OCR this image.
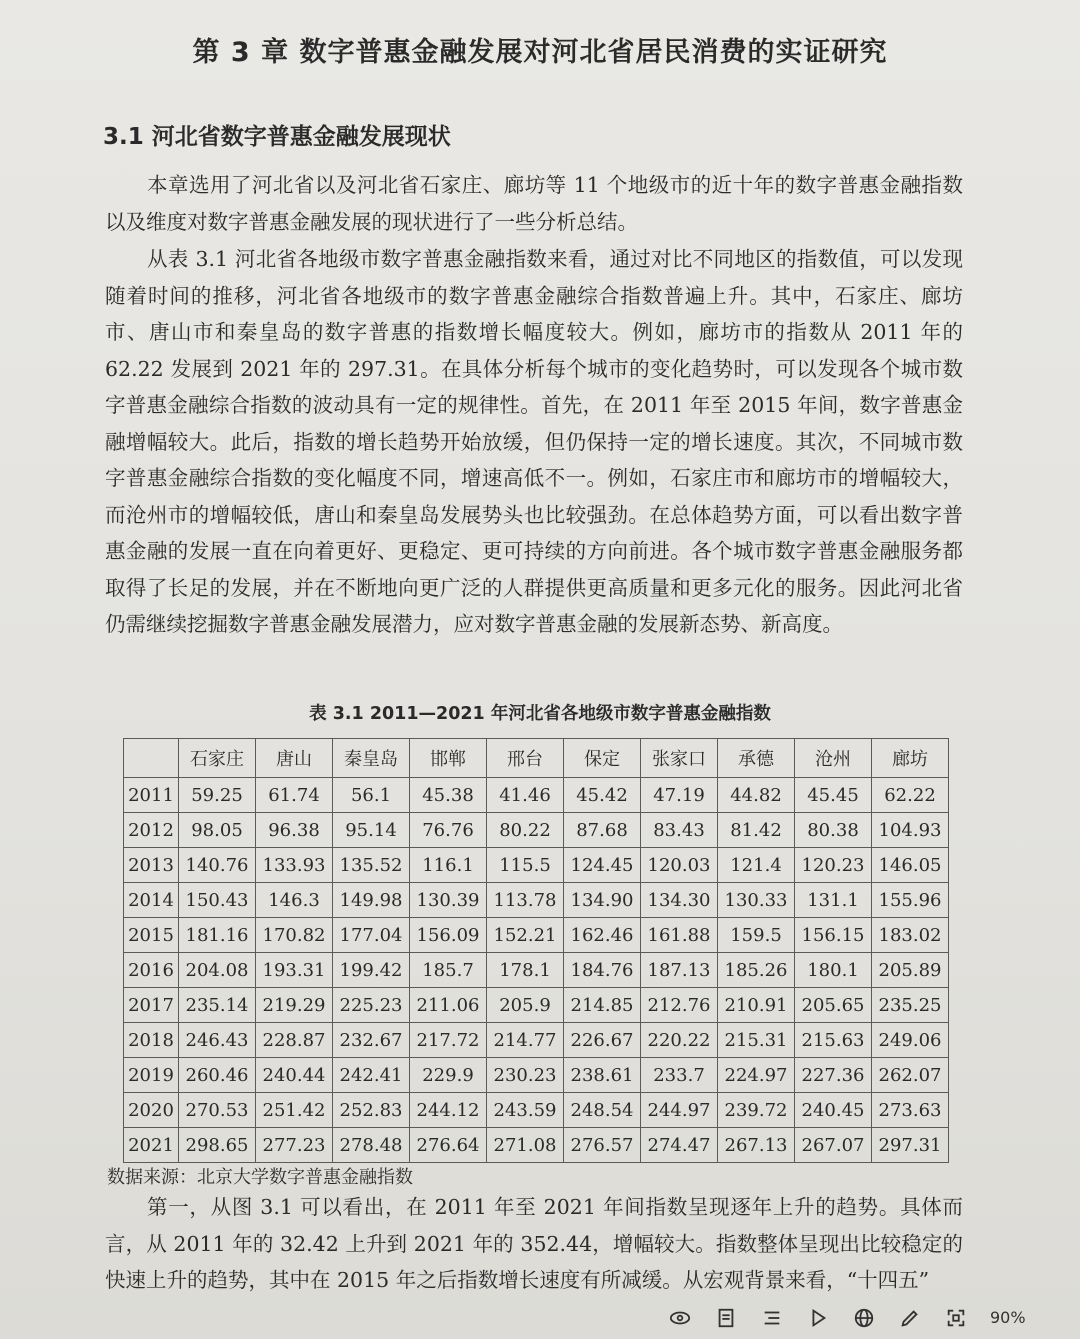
第 3 章 数字普惠金融发展对河北省居民消费的实证研究
3.1 河北省数字普惠金融发展现状

本章选用了河北省以及河北省石家庄、廊坊等 11 个地级市的近十年的数字普惠金融指数以及维度对数字普惠金融发展的现状进行了一些分析总结。

从表 3.1 河北省各地级市数字普惠金融指数来看，通过对比不同地区的指数值，可以发现随着时间的推移，河北省各地级市的数字普惠金融综合指数普遍上升。其中，石家庄、廊坊市、唐山市和秦皇岛的数字普惠的指数增长幅度较大。例如，廊坊市的指数从 2011 年的 62.22 发展到 2021 年的 297.31。在具体分析每个城市的变化趋势时，可以发现各个城市数字普惠金融综合指数的波动具有一定的规律性。首先，在 2011 年至 2015 年间，数字普惠金融增幅较大。此后，指数的增长趋势开始放缓，但仍保持一定的增长速度。其次，不同城市数字普惠金融综合指数的变化幅度不同，增速高低不一。例如，石家庄市和廊坊市的增幅较大，而沧州市的增幅较低，唐山和秦皇岛发展势头也比较强劲。在总体趋势方面，可以看出数字普惠金融的发展一直在向着更好、更稳定、更可持续的方向前进。各个城市数字普惠金融服务都取得了长足的发展，并在不断地向更广泛的人群提供更高质量和更多元化的服务。因此河北省仍需继续挖掘数字普惠金融发展潜力，应对数字普惠金融的发展新态势、新高度。

表 3.1 2011—2021 年河北省各地级市数字普惠金融指数
	石家庄	唐山	秦皇岛	邯郸	邢台	保定	张家口	承德	沧州	廊坊
2011	59.25	61.74	56.1	45.38	41.46	45.42	47.19	44.82	45.45	62.22
2012	98.05	96.38	95.14	76.76	80.22	87.68	83.43	81.42	80.38	104.93
2013	140.76	133.93	135.52	116.1	115.5	124.45	120.03	121.4	120.23	146.05
2014	150.43	146.3	149.98	130.39	113.78	134.90	134.30	130.33	131.1	155.96
2015	181.16	170.82	177.04	156.09	152.21	162.46	161.88	159.5	156.15	183.02
2016	204.08	193.31	199.42	185.7	178.1	184.76	187.13	185.26	180.1	205.89
2017	235.14	219.29	225.23	211.06	205.9	214.85	212.76	210.91	205.65	235.25
2018	246.43	228.87	232.67	217.72	214.77	226.67	220.22	215.31	215.63	249.06
2019	260.46	240.44	242.41	229.9	230.23	238.61	233.7	224.97	227.36	262.07
2020	270.53	251.42	252.83	244.12	243.59	248.54	244.97	239.72	240.45	273.63
2021	298.65	277.23	278.48	276.64	271.08	276.57	274.47	267.13	267.07	297.31
数据来源：北京大学数字普惠金融指数

第一，从图 3.1 可以看出，在 2011 年至 2021 年间指数呈现逐年上升的趋势。具体而言，从 2011 年的 32.42 上升到 2021 年的 352.44，增幅较大。指数整体呈现出比较稳定的快速上升的趋势，其中在 2015 年之后指数增长速度有所减缓。从宏观背景来看，“十四五”

90%
